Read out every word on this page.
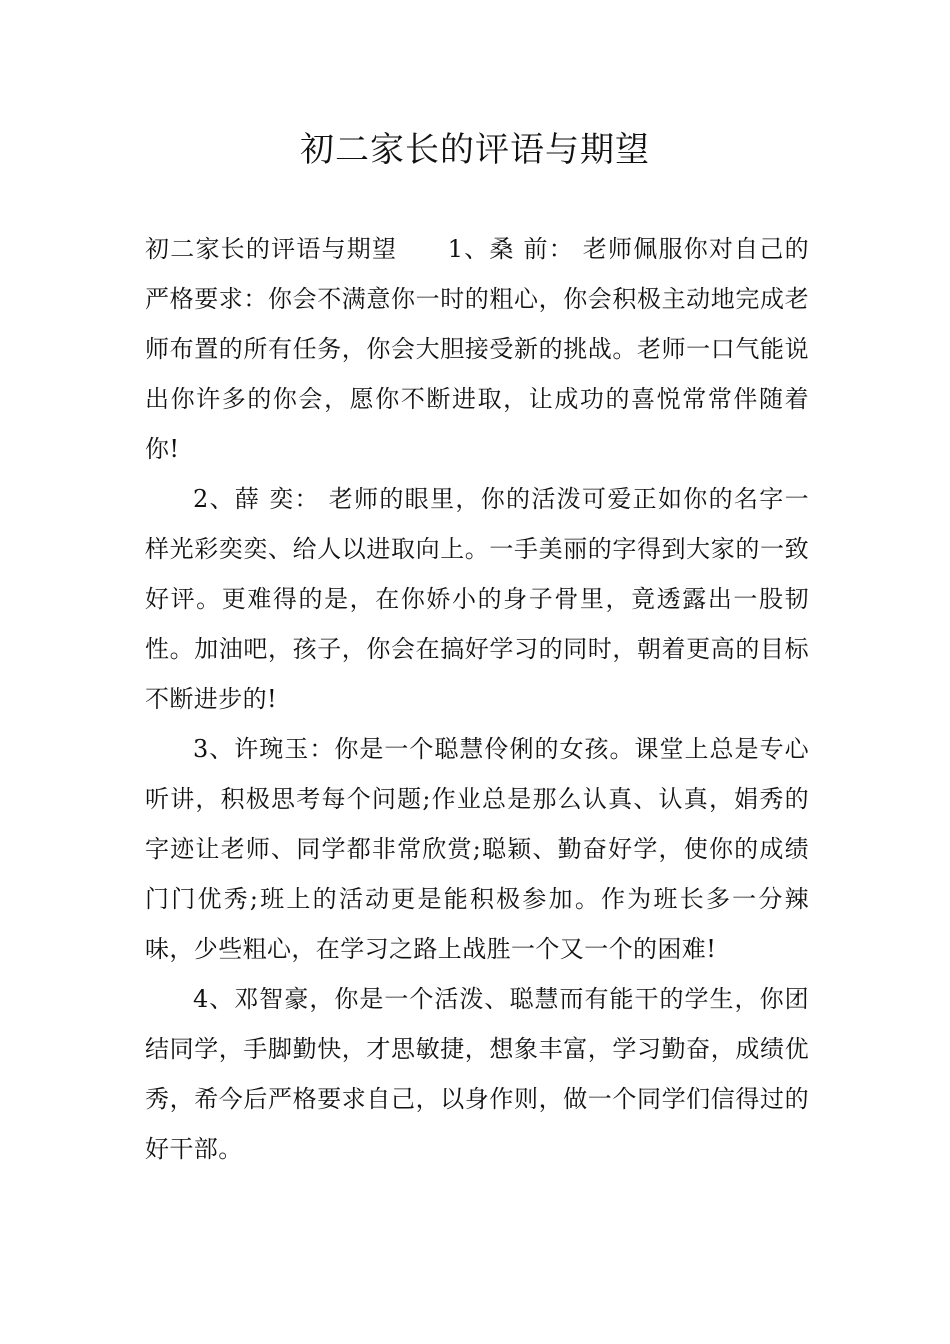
初二家长的评语与期望

初二家长的评语与期望　　1、桑 前： 老师佩服你对自己的严格要求：你会不满意你一时的粗心，你会积极主动地完成老师布置的所有任务，你会大胆接受新的挑战。老师一口气能说出你许多的你会，愿你不断进取，让成功的喜悦常常伴随着你!

2、薛 奕： 老师的眼里，你的活泼可爱正如你的名字一样光彩奕奕、给人以进取向上。一手美丽的字得到大家的一致好评。更难得的是，在你娇小的身子骨里，竟透露出一股韧性。加油吧，孩子，你会在搞好学习的同时，朝着更高的目标不断进步的!

3、许琬玉：你是一个聪慧伶俐的女孩。课堂上总是专心听讲，积极思考每个问题;作业总是那么认真、认真，娟秀的字迹让老师、同学都非常欣赏;聪颖、勤奋好学，使你的成绩门门优秀;班上的活动更是能积极参加。作为班长多一分辣味，少些粗心，在学习之路上战胜一个又一个的困难!

4、邓智豪，你是一个活泼、聪慧而有能干的学生，你团结同学，手脚勤快，才思敏捷，想象丰富，学习勤奋，成绩优秀，希今后严格要求自己，以身作则，做一个同学们信得过的好干部。
